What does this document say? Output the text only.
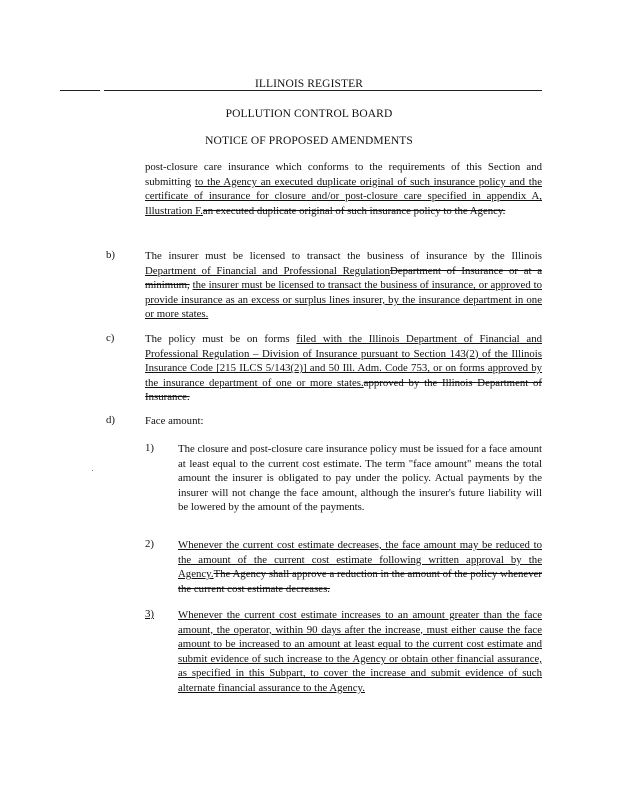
ILLINOIS REGISTER
POLLUTION CONTROL BOARD
NOTICE OF PROPOSED AMENDMENTS
post-closure care insurance which conforms to the requirements of this Section and submitting to the Agency an executed duplicate original of such insurance policy and the certificate of insurance for closure and/or post-closure care specified in appendix A, Illustration F.an executed duplicate original of such insurance policy to the Agency.
b)	The insurer must be licensed to transact the business of insurance by the Illinois Department of Financial and Professional RegulationDepartment of Insurance or at a minimum, the insurer must be licensed to transact the business of insurance, or approved to provide insurance as an excess or surplus lines insurer, by the insurance department in one or more states.
c)	The policy must be on forms filed with the Illinois Department of Financial and Professional Regulation – Division of Insurance pursuant to Section 143(2) of the Illinois Insurance Code [215 ILCS 5/143(2)] and 50 Ill. Adm. Code 753, or on forms approved by the insurance department of one or more states.approved by the Illinois Department of Insurance.
d)	Face amount:
1) The closure and post-closure care insurance policy must be issued for a face amount at least equal to the current cost estimate. The term "face amount" means the total amount the insurer is obligated to pay under the policy. Actual payments by the insurer will not change the face amount, although the insurer's future liability will be lowered by the amount of the payments.
2) Whenever the current cost estimate decreases, the face amount may be reduced to the amount of the current cost estimate following written approval by the Agency.The Agency shall approve a reduction in the amount of the policy whenever the current cost estimate decreases.
3) Whenever the current cost estimate increases to an amount greater than the face amount, the operator, within 90 days after the increase, must either cause the face amount to be increased to an amount at least equal to the current cost estimate and submit evidence of such increase to the Agency or obtain other financial assurance, as specified in this Subpart, to cover the increase and submit evidence of such alternate financial assurance to the Agency.
